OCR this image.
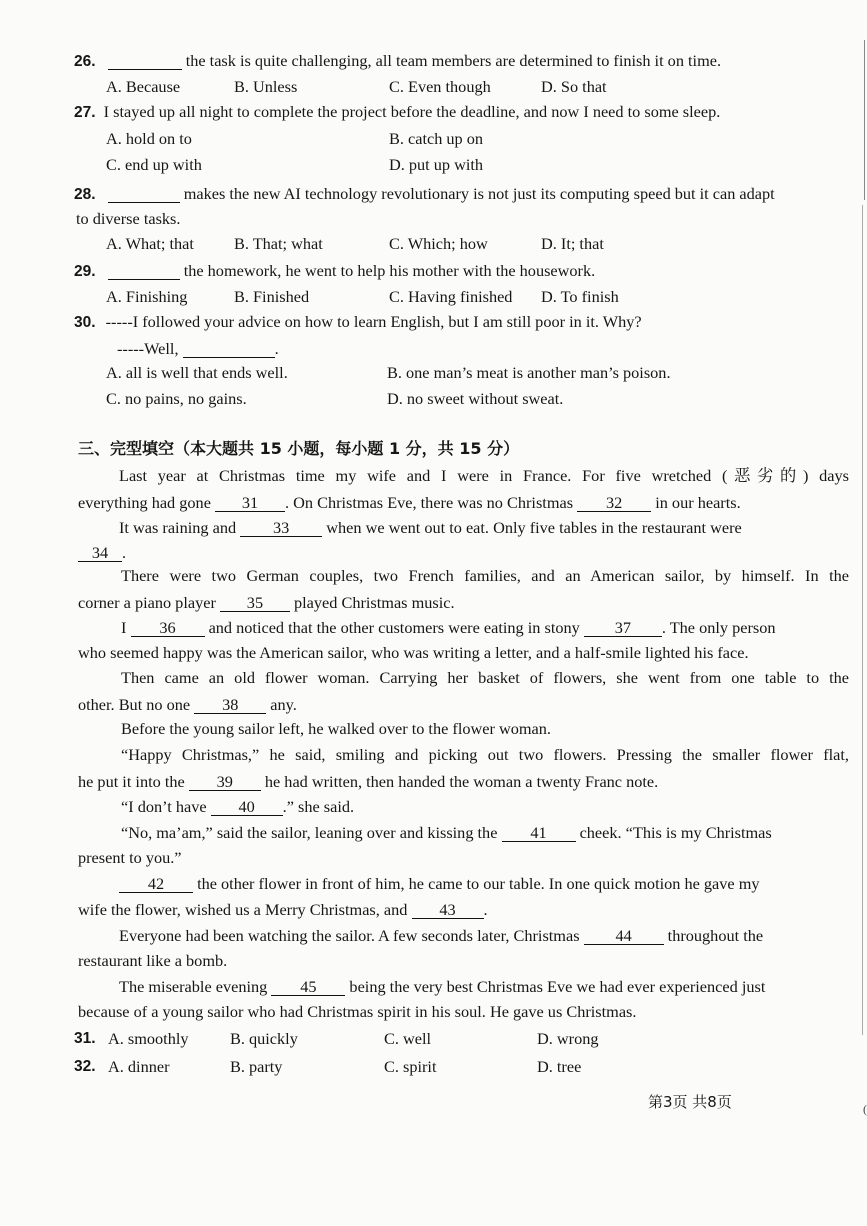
26.	the task is quite challenging, all team members are determined to finish it on time.
A. Because	B. Unless	C. Even though	D. So that
27. I stayed up all night to complete the project before the deadline, and now I need to some sleep.
A. hold on to	B. catch up on
C. end up with	D. put up with
28.	makes the new AI technology revolutionary is not just its computing speed but it can adapt
to diverse tasks.
A. What; that B. That; what	C. Which; how	D. It; that
29.	the homework, he went to help his mother with the housework.
A. Finishing	B. Finished	C. Having finished D. To finish
30. -----I followed your advice on how to learn English, but I am still poor in it. Why?
-----Well,	.
A. all is well that ends well.	B. one man’s meat is another man’s poison.
C. no pains, no gains.	D. no sweet without sweat.
三、完型填空（本大题共 15 小题，每小题 1 分，共 15 分）
Last year at Christmas time my wife and I were in France. For five wretched (恶劣的) days
everything had gone 31 . On Christmas Eve, there was no Christmas 32 in our hearts.
It was raining and 33 when we went out to eat. Only five tables in the restaurant were
34 .
There were two German couples, two French families, and an American sailor, by himself. In the
corner a piano player 35 played Christmas music.
I 36 and noticed that the other customers were eating in stony 37 . The only person
who seemed happy was the American sailor, who was writing a letter, and a half-smile lighted his face.
Then came an old flower woman. Carrying her basket of flowers, she went from one table to the
other. But no one 38 any.
Before the young sailor left, he walked over to the flower woman.
“Happy Christmas,” he said, smiling and picking out two flowers. Pressing the smaller flower flat,
he put it into the 39 he had written, then handed the woman a twenty Franc note.
“I don’t have 40 .” she said.
“No, ma’am,” said the sailor, leaning over and kissing the 41 cheek. “This is my Christmas
present to you.”
42 the other flower in front of him, he came to our table. In one quick motion he gave my
wife the flower, wished us a Merry Christmas, and 43 .
Everyone had been watching the sailor. A few seconds later, Christmas 44 throughout the
restaurant like a bomb.
The miserable evening 45 being the very best Christmas Eve we had ever experienced just
because of a young sailor who had Christmas spirit in his soul. He gave us Christmas.
31. A. smoothly	B. quickly	C. well	D. wrong
32. A. dinner	B. party	C. spirit	D. tree
第3页 共8页	(
